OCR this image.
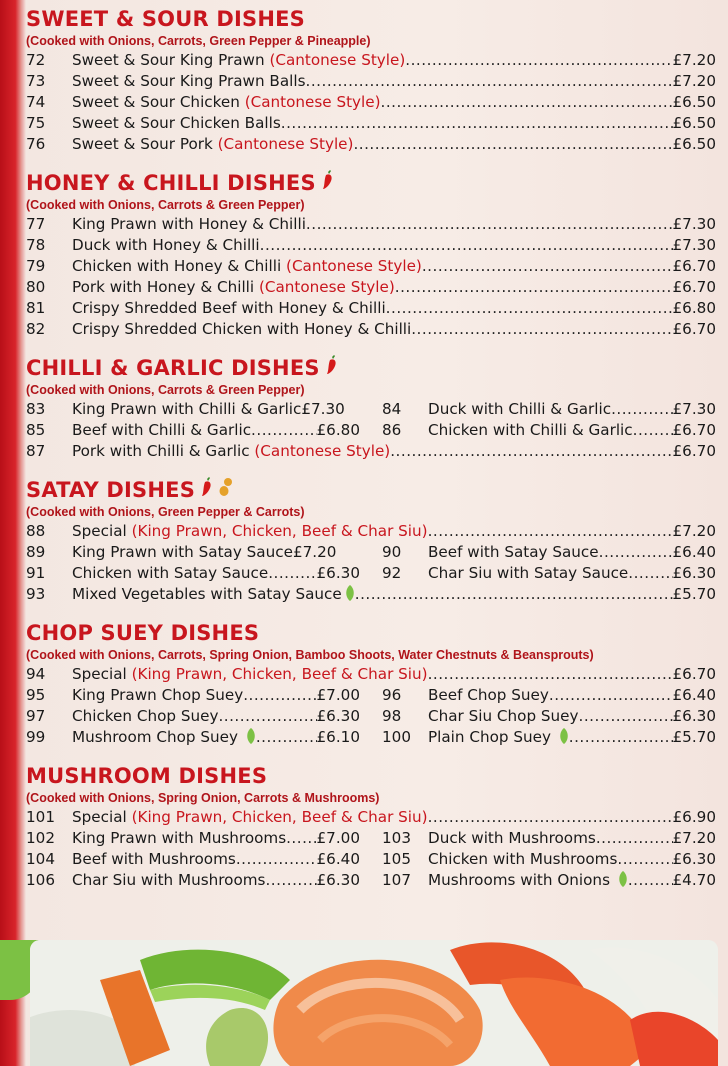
SWEET & SOUR DISHES
(Cooked with Onions, Carrots, Green Pepper & Pineapple)
72	Sweet & Sour King Prawn (Cantonese Style) .....	£7.20
73	Sweet & Sour King Prawn Balls .....	£7.20
74	Sweet & Sour Chicken (Cantonese Style) .....	£6.50
75	Sweet & Sour Chicken Balls .....	£6.50
76	Sweet & Sour Pork (Cantonese Style) .....	£6.50
HONEY & CHILLI DISHES
(Cooked with Onions, Carrots & Green Pepper)
77	King Prawn with Honey & Chilli .....	£7.30
78	Duck with Honey & Chilli .....	£7.30
79	Chicken with Honey & Chilli (Cantonese Style) .....	£6.70
80	Pork with Honey & Chilli (Cantonese Style) .....	£6.70
81	Crispy Shredded Beef with Honey & Chilli .....	£6.80
82	Crispy Shredded Chicken with Honey & Chilli .....	£6.70
CHILLI & GARLIC DISHES
(Cooked with Onions, Carrots & Green Pepper)
83	King Prawn with Chilli & Garlic £7.30 84	Duck with Chilli & Garlic .....	£7.30
85	Beef with Chilli & Garlic .....	£6.80 86	Chicken with Chilli & Garlic .....	£6.70
87	Pork with Chilli & Garlic (Cantonese Style) .....	£6.70
SATAY DISHES
(Cooked with Onions, Green Pepper & Carrots)
88	Special (King Prawn, Chicken, Beef & Char Siu) .....	£7.20
89	King Prawn with Satay Sauce £7.20	90	Beef with Satay Sauce .....	£6.40
91	Chicken with Satay Sauce .....	£6.30 92	Char Siu with Satay Sauce .....	£6.30
93	Mixed Vegetables with Satay Sauce .....	£5.70
CHOP SUEY DISHES
(Cooked with Onions, Carrots, Spring Onion, Bamboo Shoots, Water Chestnuts & Beansprouts)
94	Special (King Prawn, Chicken, Beef & Char Siu) .....	£6.70
95	King Prawn Chop Suey .....	£7.00 96	Beef Chop Suey .....	£6.40
97	Chicken Chop Suey .....	£6.30 98	Char Siu Chop Suey .....	£6.30
99	Mushroom Chop Suey .....	£6.10 100	Plain Chop Suey .....	£5.70
MUSHROOM DISHES
(Cooked with Onions, Spring Onion, Carrots & Mushrooms)
101	Special (King Prawn, Chicken, Beef & Char Siu) .....	£6.90
102	King Prawn with Mushrooms ..... £7.00 103	Duck with Mushrooms .....	£7.20
104	Beef with Mushrooms .....	£6.40 105	Chicken with Mushrooms .....	£6.30
106	Char Siu with Mushrooms .....	£6.30 107	Mushrooms with Onions .....	£4.70
